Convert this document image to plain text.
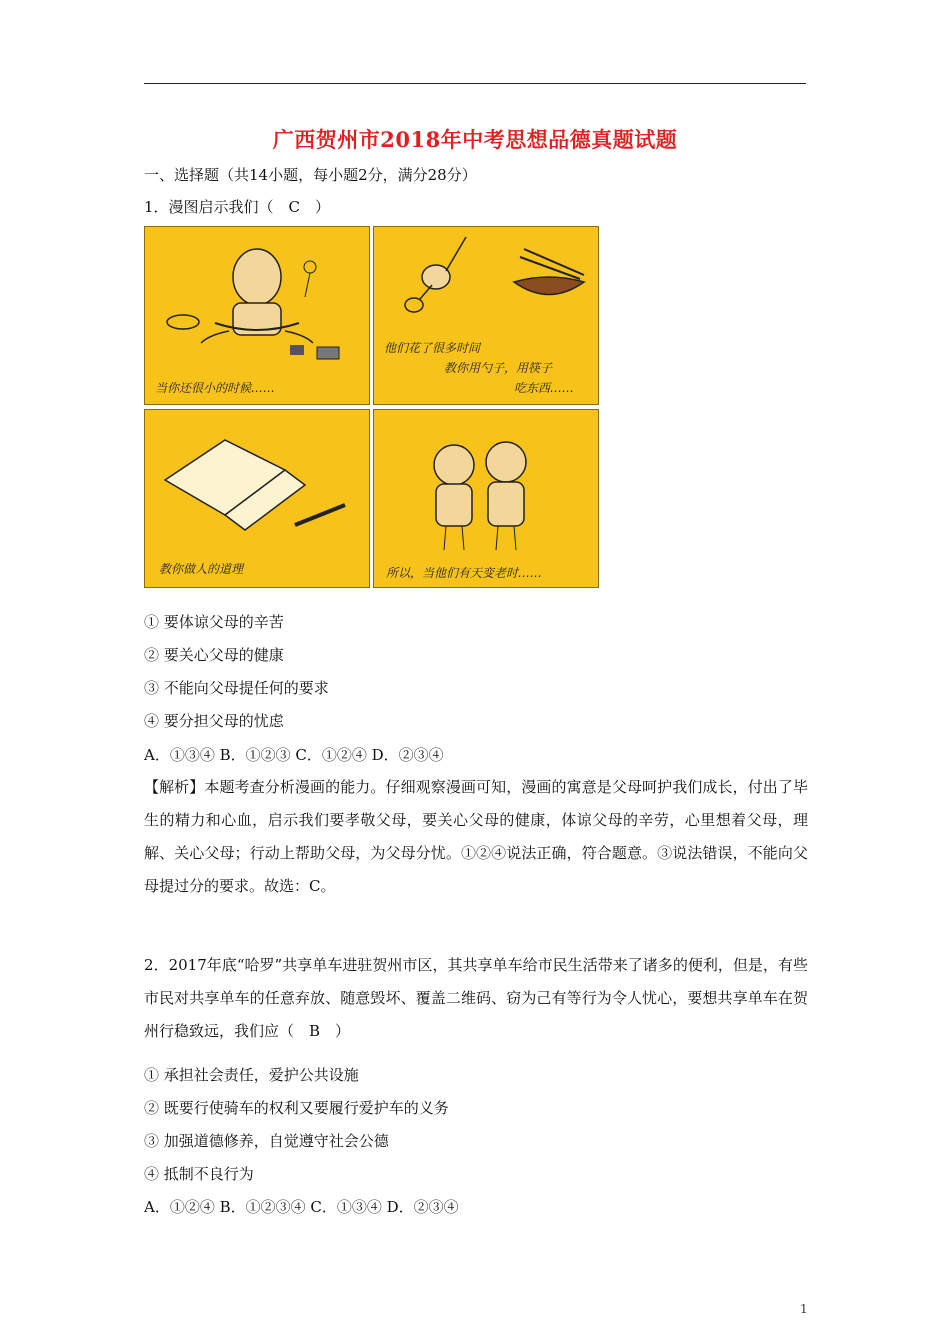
广西贺州市2018年中考思想品德真题试题
一、选择题（共14小题，每小题2分，满分28分）
1．漫图启示我们（　C　）
当你还很小的时候……
他们花了很多时间
教你用勺子，用筷子
吃东西……
教你做人的道理	所以，当他们有天变老时……
① 要体谅父母的辛苦
② 要关心父母的健康
③ 不能向父母提任何的要求
④ 要分担父母的忧虑
A．①③④ B．①②③ C．①②④ D．②③④
【解析】本题考查分析漫画的能力。仔细观察漫画可知，漫画的寓意是父母呵护我们成长，付出了毕生的精力和心血，启示我们要孝敬父母，要关心父母的健康，体谅父母的辛劳，心里想着父母，理解、关心父母；行动上帮助父母，为父母分忧。①②④说法正确，符合题意。③说法错误，不能向父母提过分的要求。故选：C。
2．2017年底“哈罗”共享单车进驻贺州市区，其共享单车给市民生活带来了诸多的便利，但是，有些市民对共享单车的任意弃放、随意毁坏、覆盖二维码、窃为己有等行为令人忧心，要想共享单车在贺州行稳致远，我们应（　B　）
① 承担社会责任，爱护公共设施
② 既要行使骑车的权利又要履行爱护车的义务
③ 加强道德修养，自觉遵守社会公德
④ 抵制不良行为
A．①②④ B．①②③④ C．①③④ D．②③④
1
